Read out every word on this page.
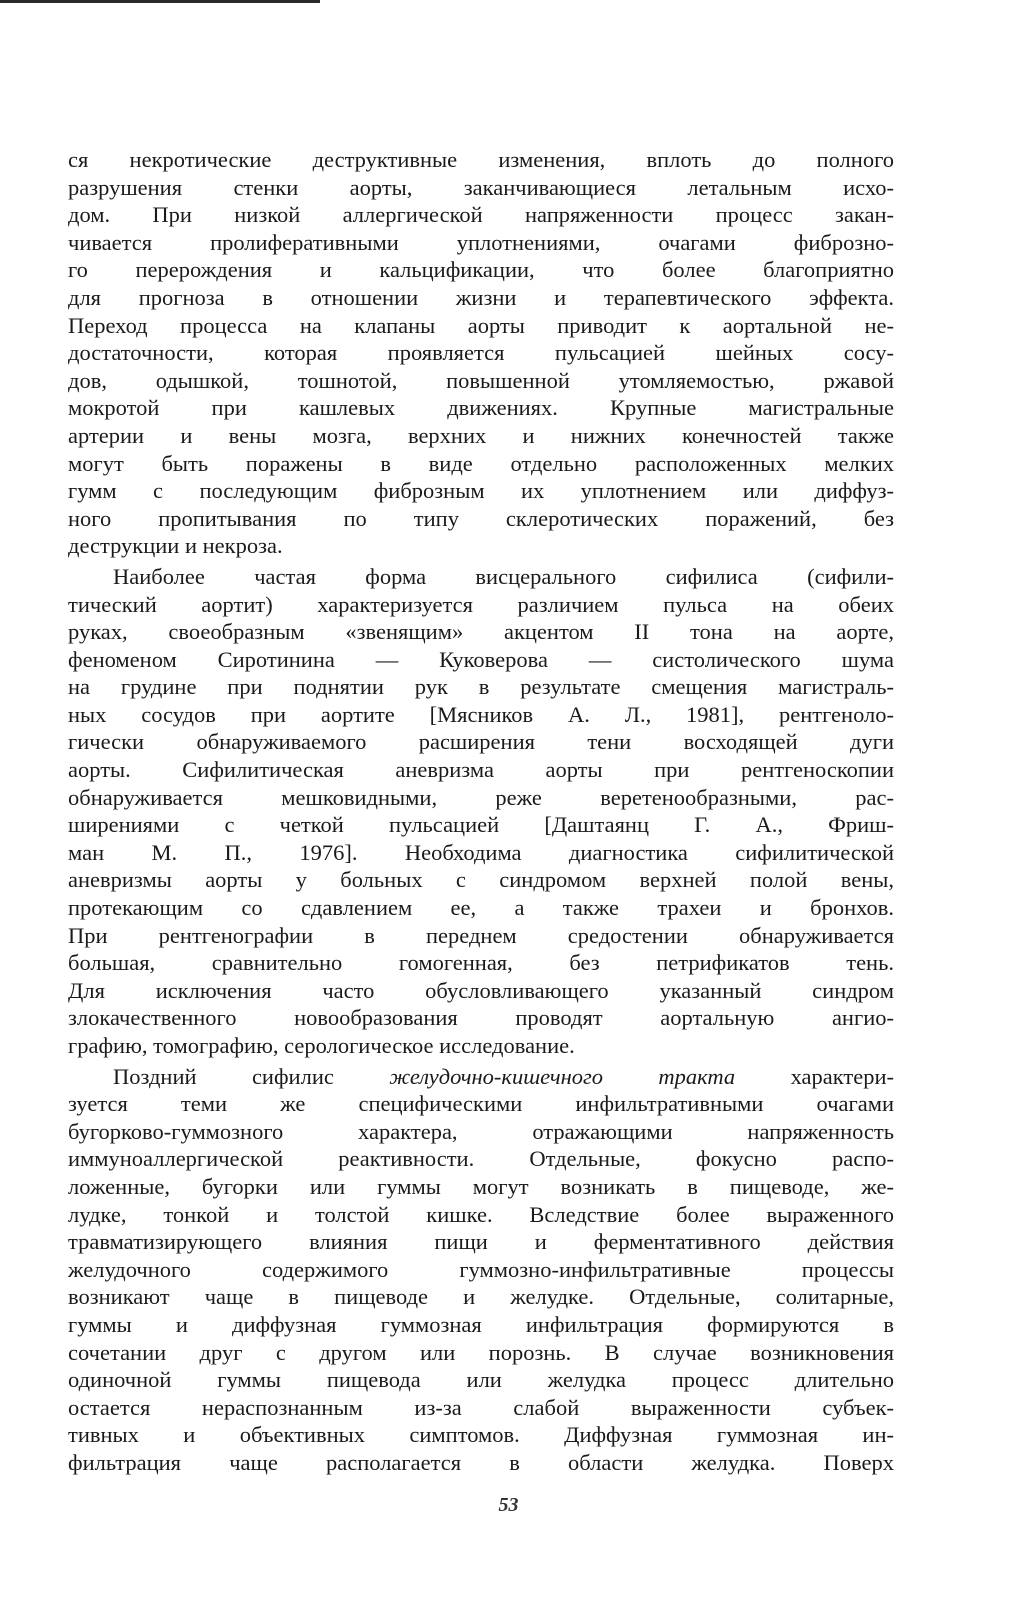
ся некротические деструктивные изменения, вплоть до полного
разрушения стенки аорты, заканчивающиеся летальным исхо-
дом. При низкой аллергической напряженности процесс закан-
чивается пролиферативными уплотнениями, очагами фиброзно-
го перерождения и кальцификации, что более благоприятно
для прогноза в отношении жизни и терапевтического эффекта.
Переход процесса на клапаны аорты приводит к аортальной не-
достаточности, которая проявляется пульсацией шейных сосу-
дов, одышкой, тошнотой, повышенной утомляемостью, ржавой
мокротой при кашлевых движениях. Крупные магистральные
артерии и вены мозга, верхних и нижних конечностей также
могут быть поражены в виде отдельно расположенных мелких
гумм с последующим фиброзным их уплотнением или диффуз-
ного пропитывания по типу склеротических поражений, без
деструкции и некроза.
Наиболее частая форма висцерального сифилиса (сифили-
тический аортит) характеризуется различием пульса на обеих
руках, своеобразным «звенящим» акцентом II тона на аорте,
феноменом Сиротинина — Куковерова — систолического шума
на грудине при поднятии рук в результате смещения магистраль-
ных сосудов при аортите [Мясников А. Л., 1981], рентгеноло-
гически обнаруживаемого расширения тени восходящей дуги
аорты. Сифилитическая аневризма аорты при рентгеноскопии
обнаруживается мешковидными, реже веретенообразными, рас-
ширениями с четкой пульсацией [Даштаянц Г. А., Фриш-
ман М. П., 1976]. Необходима диагностика сифилитической
аневризмы аорты у больных с синдромом верхней полой вены,
протекающим со сдавлением ее, а также трахеи и бронхов.
При рентгенографии в переднем средостении обнаруживается
большая, сравнительно гомогенная, без петрификатов тень.
Для исключения часто обусловливающего указанный синдром
злокачественного новообразования проводят аортальную ангио-
графию, томографию, серологическое исследование.
Поздний сифилис желудочно-кишечного тракта характери-
зуется теми же специфическими инфильтративными очагами
бугорково-гуммозного характера, отражающими напряженность
иммуноаллергической реактивности. Отдельные, фокусно распо-
ложенные, бугорки или гуммы могут возникать в пищеводе, же-
лудке, тонкой и толстой кишке. Вследствие более выраженного
травматизирующего влияния пищи и ферментативного действия
желудочного содержимого гуммозно-инфильтративные процессы
возникают чаще в пищеводе и желудке. Отдельные, солитарные,
гуммы и диффузная гуммозная инфильтрация формируются в
сочетании друг с другом или порознь. В случае возникновения
одиночной гуммы пищевода или желудка процесс длительно
остается нераспознанным из-за слабой выраженности субъек-
тивных и объективных симптомов. Диффузная гуммозная ин-
фильтрация чаще располагается в области желудка. Поверх
53
